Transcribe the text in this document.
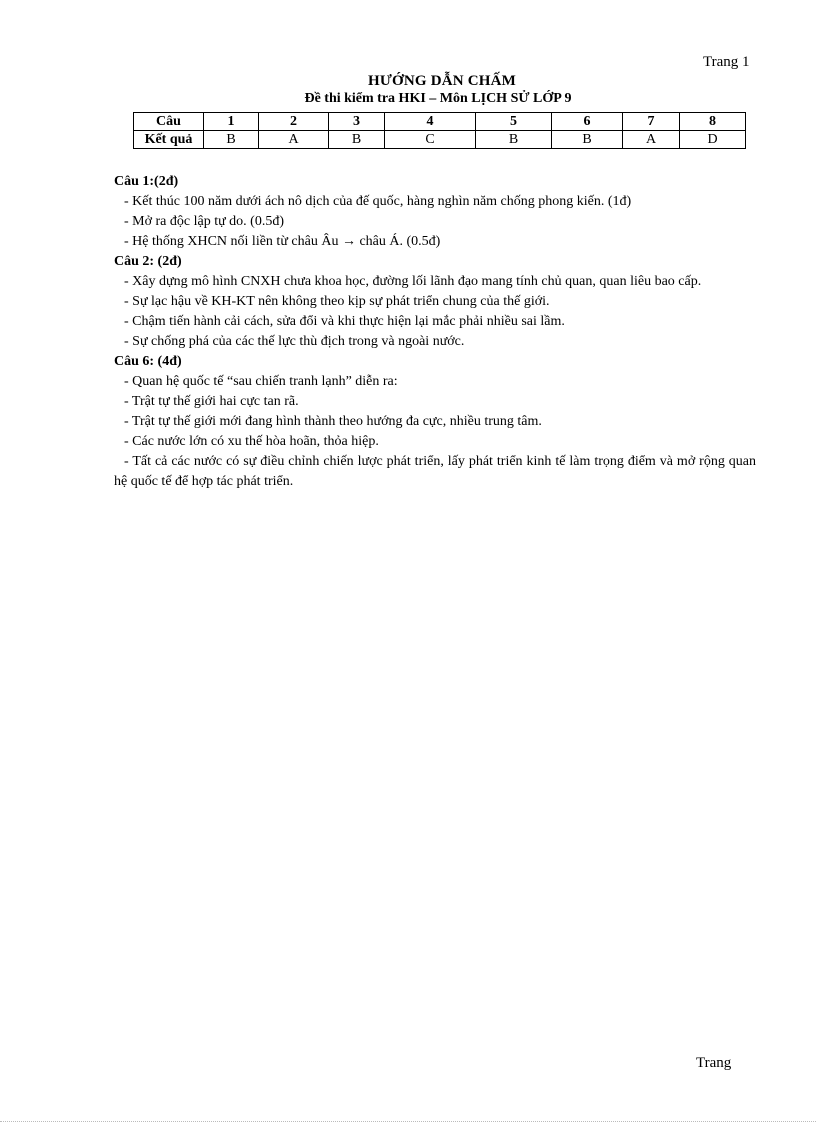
Trang 1
HƯỚNG DẪN CHẤM
Đề thi kiểm tra HKI – Môn LỊCH SỬ LỚP 9
Câu	1	2	3	4	5	6	7	8
Kết quả	B	A	B	C	B	B	A	D
Câu 1:(2đ)
- Kết thúc 100 năm dưới ách nô dịch của đế quốc, hàng nghìn năm chống phong kiến. (1đ)
- Mở ra độc lập tự do. (0.5đ)
- Hệ thống XHCN nối liền từ châu Âu → châu Á. (0.5đ)
Câu 2: (2đ)
- Xây dựng mô hình CNXH chưa khoa học, đường lối lãnh đạo mang tính chủ quan, quan liêu bao cấp.
- Sự lạc hậu về KH-KT nên không theo kịp sự phát triển chung của thế giới.
- Chậm tiến hành cải cách, sửa đổi và khi thực hiện lại mắc phải nhiều sai lầm.
- Sự chống phá của các thế lực thù địch trong và ngoài nước.
Câu 6: (4đ)
- Quan hệ quốc tế “sau chiến tranh lạnh” diễn ra:
- Trật tự thế giới hai cực tan rã.
- Trật tự thế giới mới đang hình thành theo hướng đa cực, nhiều trung tâm.
- Các nước lớn có xu thế hòa hoãn, thỏa hiệp.
- Tất cả các nước có sự điều chỉnh chiến lược phát triển, lấy phát triển kinh tế làm trọng điểm và mở rộng quan hệ quốc tế để hợp tác phát triển.
Trang
